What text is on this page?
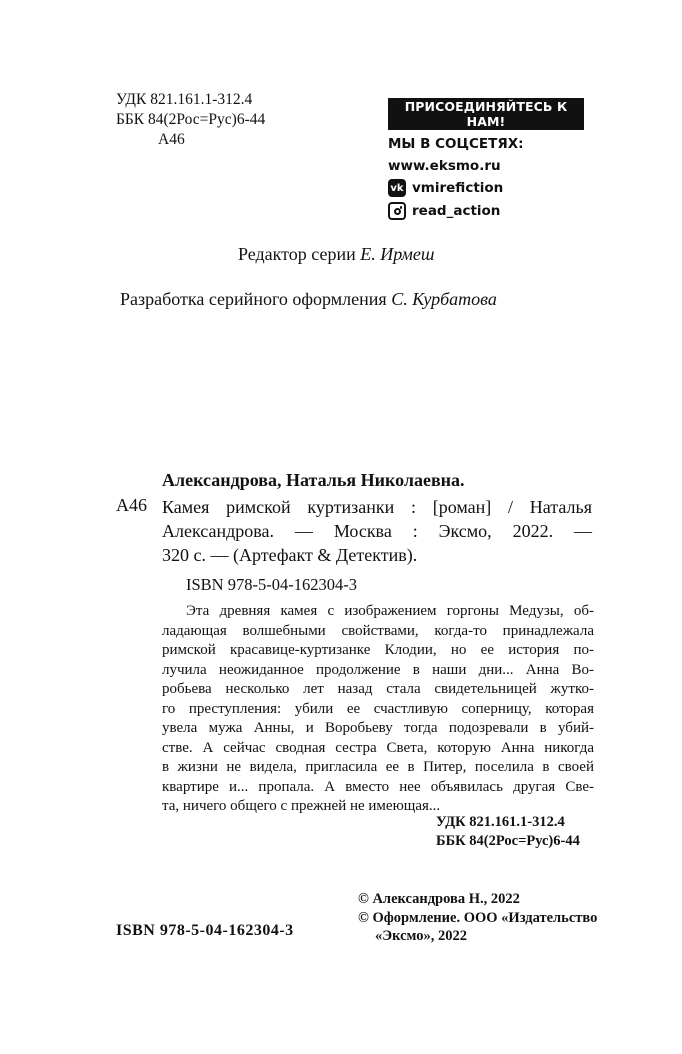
УДК 821.161.1-312.4
ББК 84(2Рос=Рус)6-44
А46
ПРИСОЕДИНЯЙТЕСЬ К НАМ!
МЫ В СОЦСЕТЯХ:
www.eksmo.ru
vk vmirefiction
read_action
Редактор серии Е. Ирмеш
Разработка серийного оформления С. Курбатова
Александрова, Наталья Николаевна.
А46 Камея римской куртизанки : [роман] / Наталья
Александрова. — Москва : Эксмо, 2022. —
320 с. — (Артефакт & Детектив).
ISBN 978-5-04-162304-3
Эта древняя камея с изображением горгоны Медузы, об-
ладающая волшебными свойствами, когда-то принадлежала
римской красавице-куртизанке Клодии, но ее история по-
лучила неожиданное продолжение в наши дни... Анна Во-
робьева несколько лет назад стала свидетельницей жутко-
го преступления: убили ее счастливую соперницу, которая
увела мужа Анны, и Воробьеву тогда подозревали в убий-
стве. А сейчас сводная сестра Света, которую Анна никогда
в жизни не видела, пригласила ее в Питер, поселила в своей
квартире и... пропала. А вместо нее объявилась другая Све-
та, ничего общего с прежней не имеющая...
УДК 821.161.1-312.4
ББК 84(2Рос=Рус)6-44
© Александрова Н., 2022
© Оформление. ООО «Издательство
«Эксмо», 2022
ISBN 978-5-04-162304-3
